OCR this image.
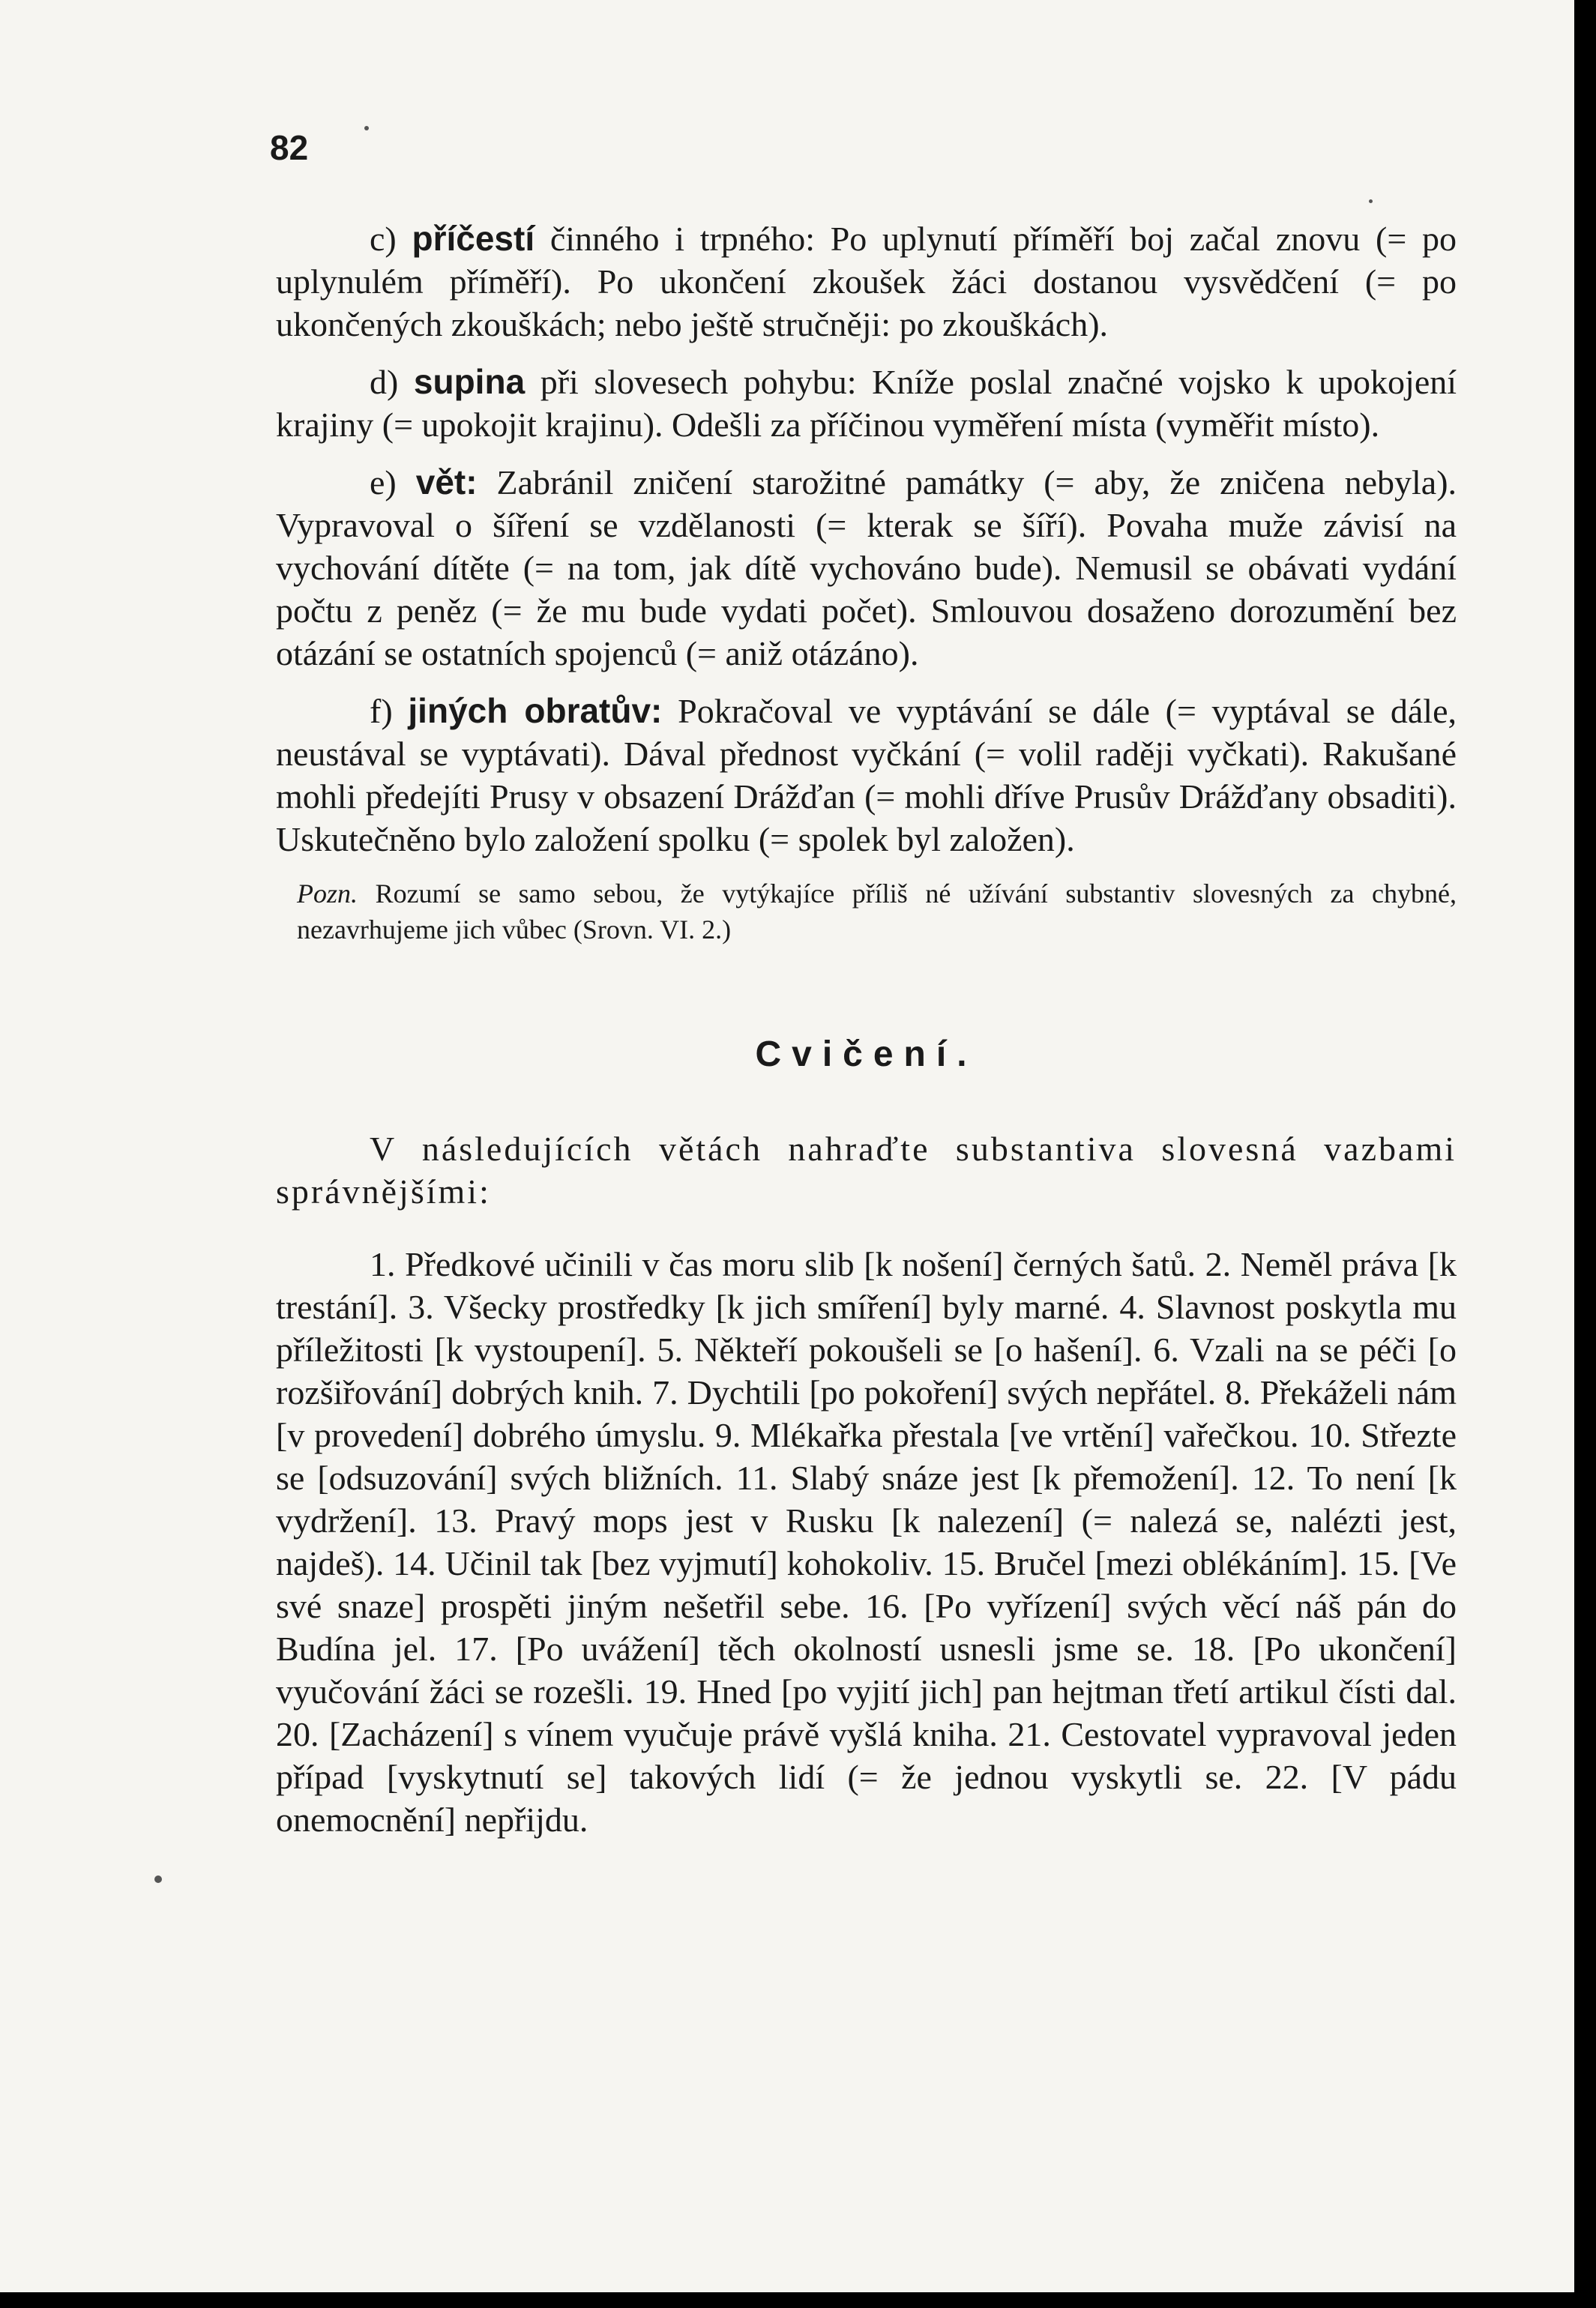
82

c) příčestí činného i trpného: Po uplynutí příměří boj začal znovu (= po uplynulém příměří). Po ukončení zkoušek žáci dostanou vysvědčení (= po ukončených zkouškách; nebo ještě stručněji: po zkouškách).

d) supina při slovesech pohybu: Kníže poslal značné vojsko k upokojení krajiny (= upokojit krajinu). Odešli za příčinou vyměření místa (vyměřit místo).

e) vět: Zabránil zničení starožitné památky (= aby, že zničena nebyla). Vypravoval o šíření se vzdělanosti (= kterak se šíří). Povaha muže závisí na vychování dítěte (= na tom, jak dítě vychováno bude). Nemusil se obávati vydání počtu z peněz (= že mu bude vydati počet). Smlouvou dosaženo dorozumění bez otázání se ostatních spojenců (= aniž otázáno).

f) jiných obratův: Pokračoval ve vyptávání se dále (= vyptával se dále, neustával se vyptávati). Dával přednost vyčkání (= volil raději vyčkati). Rakušané mohli předejíti Prusy v obsazení Drážďan (= mohli dříve Prusův Drážďany obsaditi). Uskutečněno bylo založení spolku (= spolek byl založen).

Pozn. Rozumí se samo sebou, že vytýkajíce příliš né užívání substantiv slovesných za chybné, nezavrhujeme jich vůbec (Srovn. VI. 2.)

Cvičení.

V následujících větách nahraďte substantiva slovesná vazbami správnějšími:

1. Předkové učinili v čas moru slib [k nošení] černých šatů. 2. Neměl práva [k trestání]. 3. Všecky prostředky [k jich smíření] byly marné. 4. Slavnost poskytla mu příležitosti [k vystoupení]. 5. Někteří pokoušeli se [o hašení]. 6. Vzali na se péči [o rozšiřování] dobrých knih. 7. Dychtili [po pokoření] svých nepřátel. 8. Překáželi nám [v provedení] dobrého úmyslu. 9. Mlékařka přestala [ve vrtění] vařečkou. 10. Střezte se [odsuzování] svých bližních. 11. Slabý snáze jest [k přemožení]. 12. To není [k vydržení]. 13. Pravý mops jest v Rusku [k nalezení] (= nalezá se, nalézti jest, najdeš). 14. Učinil tak [bez vyjmutí] kohokoliv. 15. Bručel [mezi oblékáním]. 15. [Ve své snaze] prospěti jiným nešetřil sebe. 16. [Po vyřízení] svých věcí náš pán do Budína jel. 17. [Po uvážení] těch okolností usnesli jsme se. 18. [Po ukončení] vyučování žáci se rozešli. 19. Hned [po vyjití jich] pan hejtman třetí artikul čísti dal. 20. [Zacházení] s vínem vyučuje právě vyšlá kniha. 21. Cestovatel vypravoval jeden případ [vyskytnutí se] takových lidí (= že jednou vyskytli se. 22. [V pádu onemocnění] nepřijdu.
